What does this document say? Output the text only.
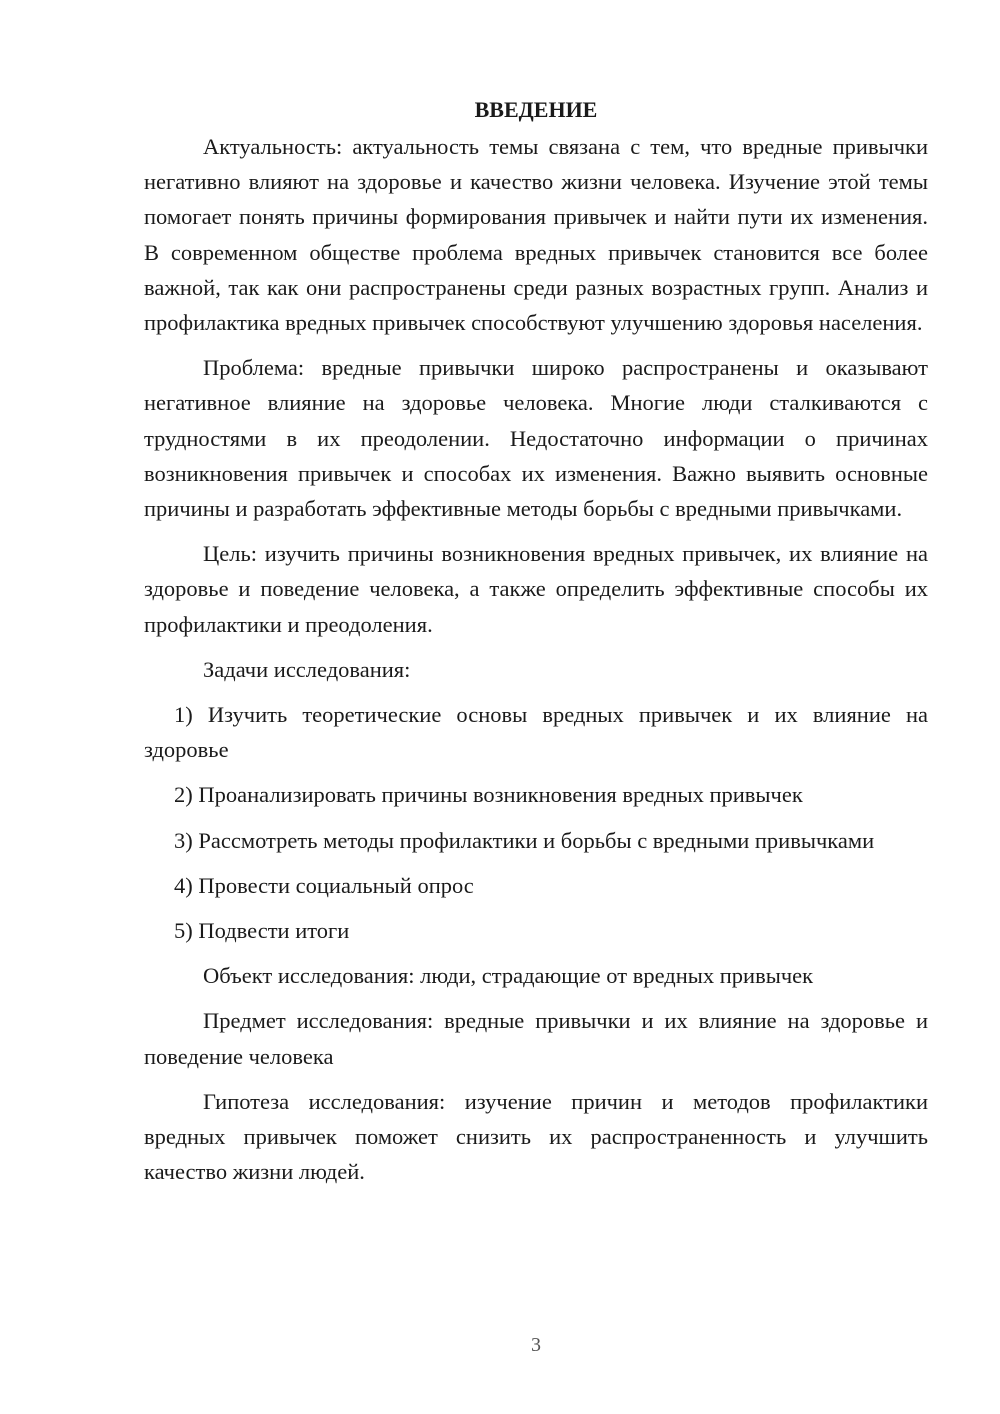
ВВЕДЕНИЕ

Актуальность: актуальность темы связана с тем, что вредные привычки негативно влияют на здоровье и качество жизни человека. Изучение этой темы помогает понять причины формирования привычек и найти пути их изменения. В современном обществе проблема вредных привычек становится все более важной, так как они распространены среди разных возрастных групп. Анализ и профилактика вредных привычек способствуют улучшению здоровья населения.

Проблема: вредные привычки широко распространены и оказывают негативное влияние на здоровье человека. Многие люди сталкиваются с трудностями в их преодолении. Недостаточно информации о причинах возникновения привычек и способах их изменения. Важно выявить основные причины и разработать эффективные методы борьбы с вредными привычками.

Цель: изучить причины возникновения вредных привычек, их влияние на здоровье и поведение человека, а также определить эффективные способы их профилактики и преодоления.

Задачи исследования:

1) Изучить теоретические основы вредных привычек и их влияние на здоровье

2) Проанализировать причины возникновения вредных привычек

3) Рассмотреть методы профилактики и борьбы с вредными привычками

4) Провести социальный опрос

5) Подвести итоги

Объект исследования: люди, страдающие от вредных привычек

Предмет исследования: вредные привычки и их влияние на здоровье и поведение человека

Гипотеза исследования: изучение причин и методов профилактики вредных привычек поможет снизить их распространенность и улучшить качество жизни людей.

3
